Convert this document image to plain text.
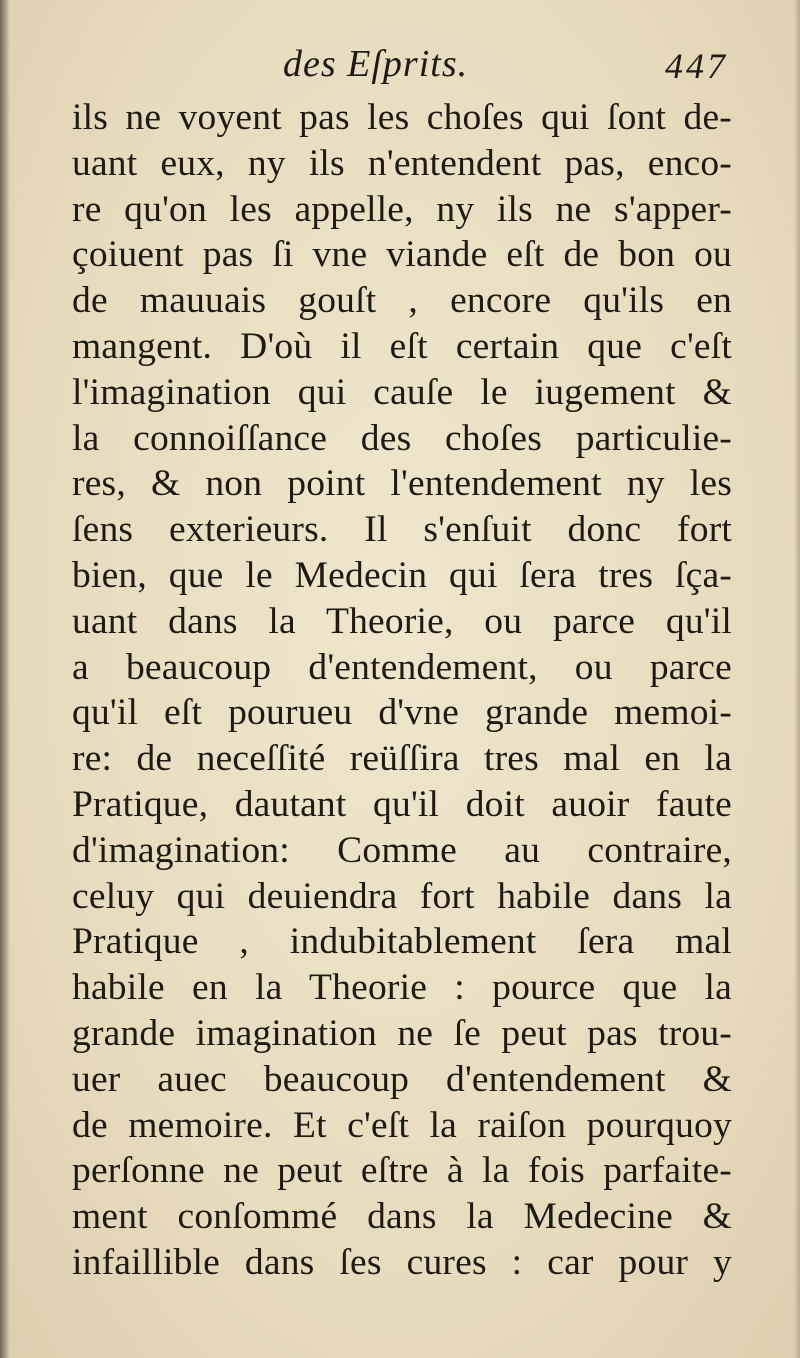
des Eſprits.	447
ils ne voyent pas les choſes qui ſont de-
uant eux, ny ils n'entendent pas, enco-
re qu'on les appelle, ny ils ne s'apper-
çoiuent pas ſi vne viande eſt de bon ou
de mauuais gouſt , encore qu'ils en
mangent. D'où il eſt certain que c'eſt
l'imagination qui cauſe le iugement &
la connoiſſance des choſes particulie-
res, & non point l'entendement ny les
ſens exterieurs. Il s'enſuit donc fort
bien, que le Medecin qui ſera tres ſça-
uant dans la Theorie, ou parce qu'il
a beaucoup d'entendement, ou parce
qu'il eſt pourueu d'vne grande memoi-
re: de neceſſité reüſſira tres mal en la
Pratique, dautant qu'il doit auoir faute
d'imagination: Comme au contraire,
celuy qui deuiendra fort habile dans la
Pratique , indubitablement ſera mal
habile en la Theorie : pource que la
grande imagination ne ſe peut pas trou-
uer auec beaucoup d'entendement &
de memoire. Et c'eſt la raiſon pourquoy
perſonne ne peut eſtre à la fois parfaite-
ment conſommé dans la Medecine &
infaillible dans ſes cures : car pour y
